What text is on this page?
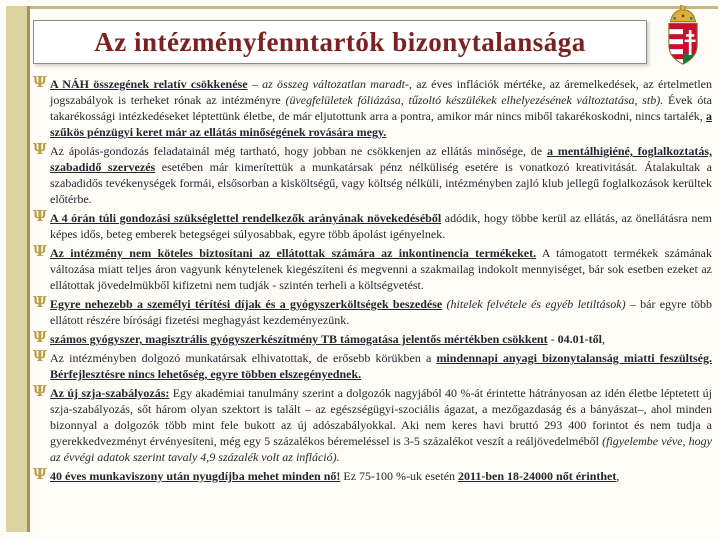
Az intézményfenntartók bizonytalansága
Ψ A NÁH összegének relatív csökkenése – az összeg változatlan maradt-, az éves inflációk mértéke, az áremelkedések, az értelmetlen jogszabályok is terheket rónak az intézményre (üvegfelületek fóliázása, tűzoltó készülékek elhelyezésének változtatása, stb). Évek óta takarékossági intézkedéseket léptettünk életbe, de már eljutottunk arra a pontra, amikor már nincs miből takarékoskodni, nincs tartalék, a szűkös pénzügyi keret már az ellátás minőségének rovására megy.
Ψ Az ápolás-gondozás feladatainál még tartható, hogy jobban ne csökkenjen az ellátás minősége, de a mentálhigiéné, foglalkoztatás, szabadidő szervezés esetében már kimerítettük a munkatársak pénz nélküliség esetére is vonatkozó kreativitását. Átalakultak a szabadidős tevékenységek formái, elsősorban a kisköltségű, vagy költség nélküli, intézményben zajló klub jellegű foglalkozások kerültek előtérbe.
Ψ A 4 órán túli gondozási szükséglettel rendelkezők arányának növekedéséből adódik, hogy többe kerül az ellátás, az önellátásra nem képes idős, beteg emberek betegségei súlyosabbak, egyre több ápolást igényelnek.
Ψ Az intézmény nem köteles biztosítani az ellátottak számára az inkontinencia termékeket. A támogatott termékek számának változása miatt teljes áron vagyunk kénytelenek kiegészíteni és megvenni a szakmailag indokolt mennyiséget, bár sok esetben ezeket az ellátottak jövedelmükből kifizetni nem tudják - szintén terheli a költségvetést.
Ψ Egyre nehezebb a személyi térítési díjak és a gyógyszerköltségek beszedése (hitelek felvétele és egyéb letiltások) – bár egyre több ellátott részére bírósági fizetési meghagyást kezdeményezünk.
Ψ számos gyógyszer, magisztrális gyógyszerkészítmény TB támogatása jelentős mértékben csökkent - 04.01-től,
Ψ Az intézményben dolgozó munkatársak elhivatottak, de erősebb körükben a mindennapi anyagi bizonytalanság miatti feszültség. Bérfejlesztésre nincs lehetőség, egyre többen elszegényednek.
Ψ Az új szja-szabályozás: Egy akadémiai tanulmány szerint a dolgozók nagyjából 40 %-át érintette hátrányosan az idén életbe léptetett új szja-szabályozás, sőt három olyan szektort is talált – az egészségügyi-szociális ágazat, a mezőgazdaság és a bányászat–, ahol minden bizonnyal a dolgozók több mint fele bukott az új adószabályokkal. Aki nem keres havi bruttó 293 400 forintot és nem tudja a gyerekkedvezményt érvényesíteni, még egy 5 százalékos béremeléssel is 3-5 százalékot veszít a reáljövedelméből (figyelembe véve, hogy az évvégi adatok szerint tavaly 4,9 százalék volt az infláció).
Ψ 40 éves munkaviszony után nyugdíjba mehet minden nő! Ez 75-100 %-uk esetén 2011-ben 18-24000 nőt érinthet,
